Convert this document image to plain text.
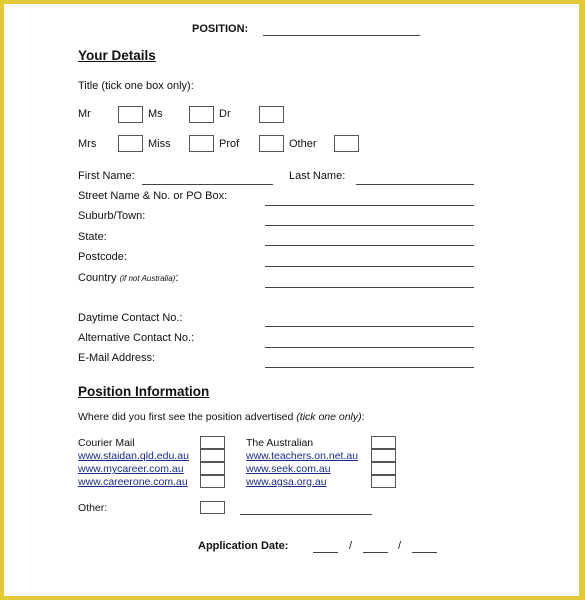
POSITION:
Your Details
Title (tick one box only):
Mr	Ms	Dr
Mrs	Miss	Prof	Other
First Name:	Last Name:
Street Name & No. or PO Box:
Suburb/Town:
State:
Postcode:
Country (if not Australia):
Daytime Contact No.:
Alternative Contact No.:
E-Mail Address:
Position Information
Where did you first see the position advertised (tick one only):
Courier Mail
www.staidan.qld.edu.au
www.mycareer.com.au
www.careerone.com.au
The Australian
www.teachers.on.net.au
www.seek.com.au
www.agsa.org.au
Other:
Application Date:	/	/
